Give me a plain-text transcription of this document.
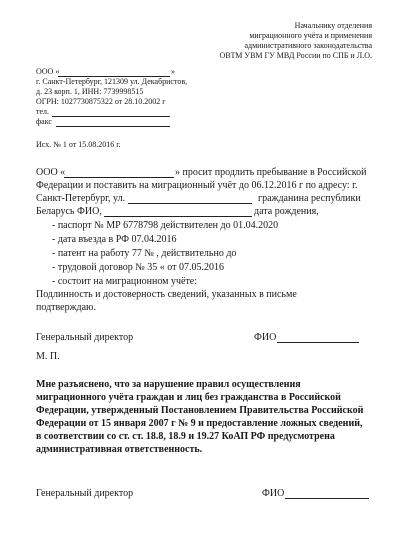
Начальнику отделения
миграционного учёта и применения
административного законодательства
ОВТМ УВМ ГУ МВД России по СПБ и Л.О.
ООО «	»
г. Санкт-Петербург, 121309 ул. Декабристов,
д. 23 корп. 1, ИНН: 7739998515
ОГРН: 1027730875322 от 28.10.2002 г
тел.
факс
Исх. № 1 от 15.08.2016 г.
ООО «	» просит продлить пребывание в Российской
Федерации и поставить на миграционный учёт до 06.12.2016 г по адресу: г.
Санкт-Петербург, ул.	гражданина республики
Беларусь ФИО,	дата рождения,
- паспорт № МР 6778798 действителен до 01.04.2020
- дата въезда в РФ 07.04.2016
- патент на работу 77 № , действительно до
- трудовой договор № 35 « от 07.05.2016
- состоит на миграционном учёте:
Подлинность и достоверность сведений, указанных в письме
подтверждаю.
Генеральный директор	ФИО
М. П.
Мне разъяснено, что за нарушение правил осуществления
миграционного учёта граждан и лиц без гражданства в Российской
Федерации, утвержденный Постановлением Правительства Российской
Федерации от 15 января 2007 г № 9 и предоставление ложных сведений,
в соответствии со ст. ст. 18.8, 18.9 и 19.27 КоАП РФ предусмотрена
административная ответственность.
Генеральный директор	ФИО
